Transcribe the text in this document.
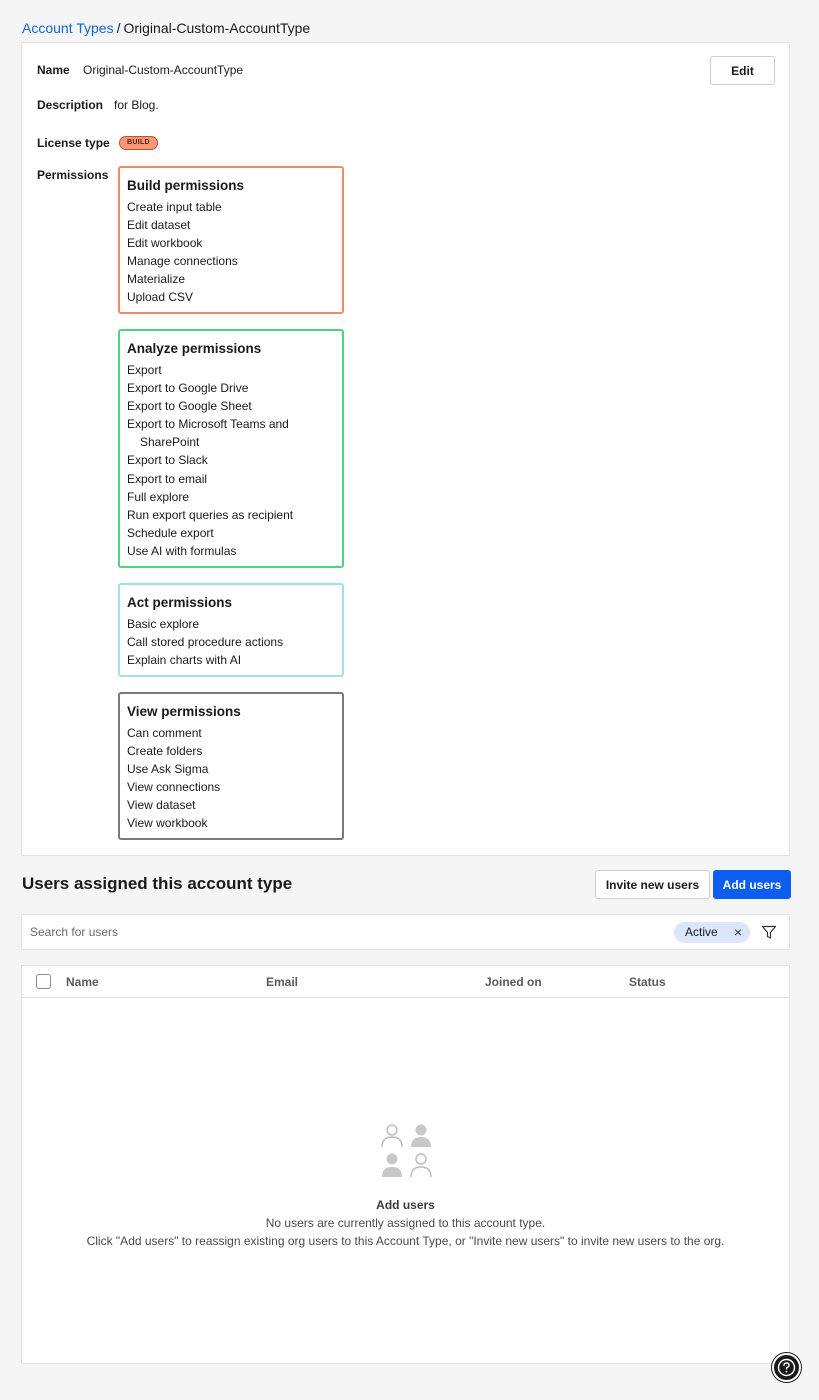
Account Types / Original-Custom-AccountType
Name Original-Custom-AccountType	Edit
Description for Blog.
License type	BUILD
Permissions
Build permissions
Create input table
Edit dataset
Edit workbook
Manage connections
Materialize
Upload CSV
Analyze permissions
Export
Export to Google Drive
Export to Google Sheet
Export to Microsoft Teams and
SharePoint
Export to Slack
Export to email
Full explore
Run export queries as recipient
Schedule export
Use AI with formulas
Act permissions
Basic explore
Call stored procedure actions
Explain charts with AI
View permissions
Can comment
Create folders
Use Ask Sigma
View connections
View dataset
View workbook
Users assigned this account type	Invite new users	Add users
Search for users
Active ×
Name	Email	Joined on	Status
Add users
No users are currently assigned to this account type.
Click "Add users" to reassign existing org users to this Account Type, or "Invite new users" to invite new users to the org.
